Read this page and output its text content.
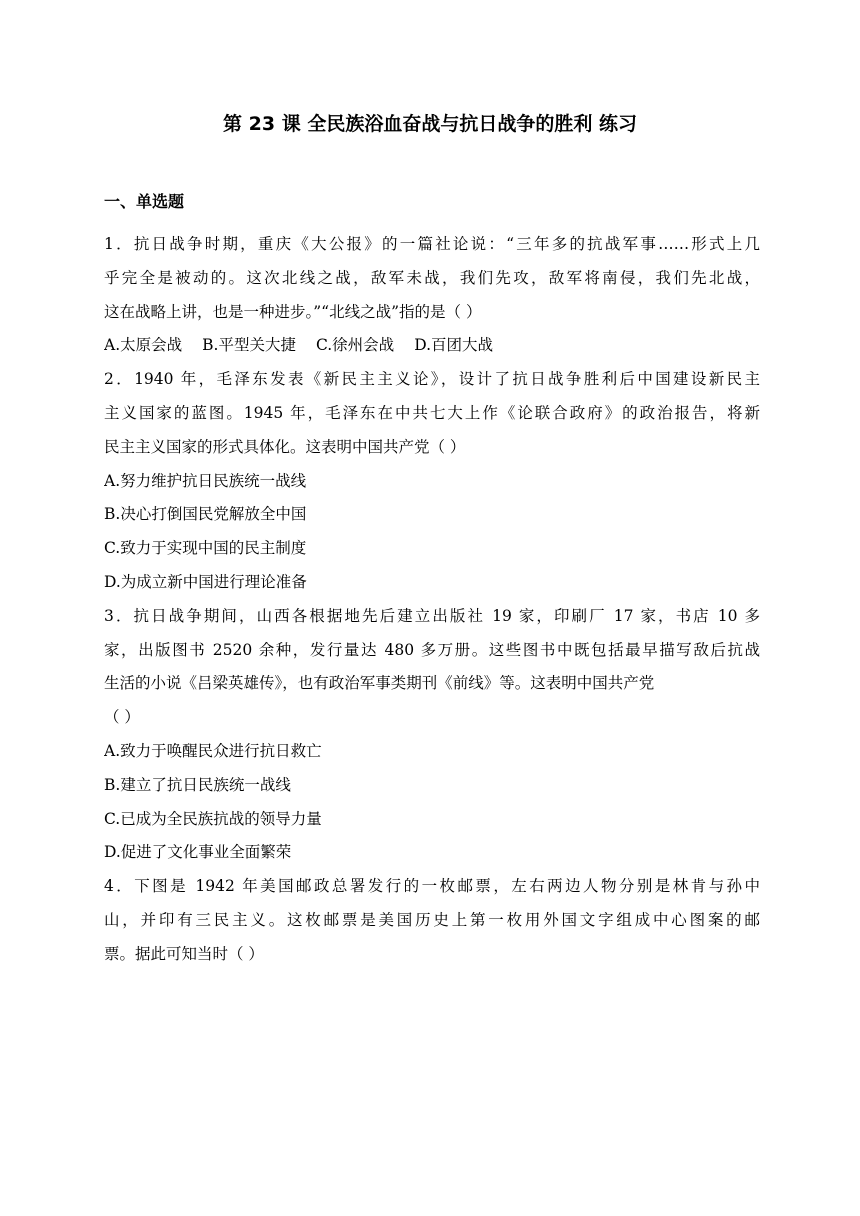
第 23 课 全民族浴血奋战与抗日战争的胜利 练习
一、单选题
1．抗日战争时期，重庆《大公报》的一篇社论说：“三年多的抗战军事……形式上几
乎完全是被动的。这次北线之战，敌军未战，我们先攻，敌军将南侵，我们先北战，
这在战略上讲，也是一种进步。”“北线之战”指的是（ ）
A.太原会战 B.平型关大捷 C.徐州会战 D.百团大战
2．1940 年，毛泽东发表《新民主主义论》，设计了抗日战争胜利后中国建设新民主
主义国家的蓝图。1945 年，毛泽东在中共七大上作《论联合政府》的政治报告，将新
民主主义国家的形式具体化。这表明中国共产党（ ）
A.努力维护抗日民族统一战线
B.决心打倒国民党解放全中国
C.致力于实现中国的民主制度
D.为成立新中国进行理论准备
3．抗日战争期间，山西各根据地先后建立出版社 19 家，印刷厂 17 家，书店 10 多
家，出版图书 2520 余种，发行量达 480 多万册。这些图书中既包括最早描写敌后抗战
生活的小说《吕梁英雄传》，也有政治军事类期刊《前线》等。这表明中国共产党
（ ）
A.致力于唤醒民众进行抗日救亡
B.建立了抗日民族统一战线
C.已成为全民族抗战的领导力量
D.促进了文化事业全面繁荣
4．下图是 1942 年美国邮政总署发行的一枚邮票，左右两边人物分别是林肯与孙中
山，并印有三民主义。这枚邮票是美国历史上第一枚用外国文字组成中心图案的邮
票。据此可知当时（ ）
